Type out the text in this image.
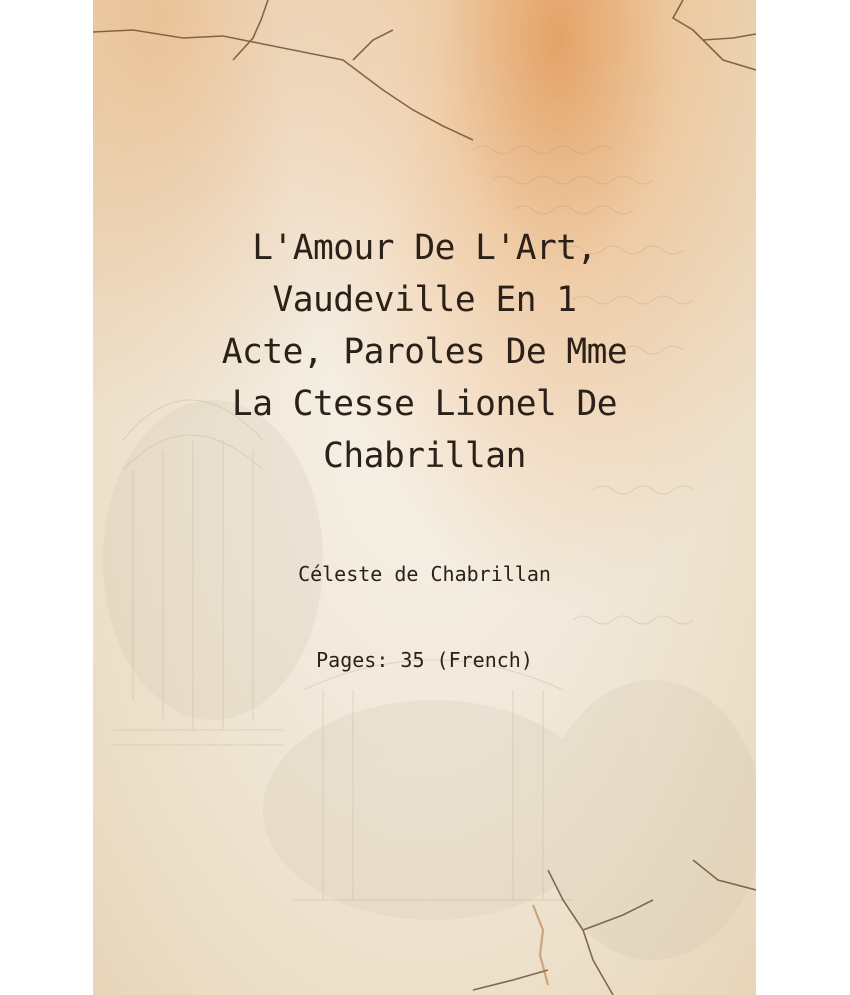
L'Amour De L'Art,
Vaudeville En 1
Acte, Paroles De Mme
La Ctesse Lionel De
Chabrillan
Céleste de Chabrillan
Pages: 35 (French)
